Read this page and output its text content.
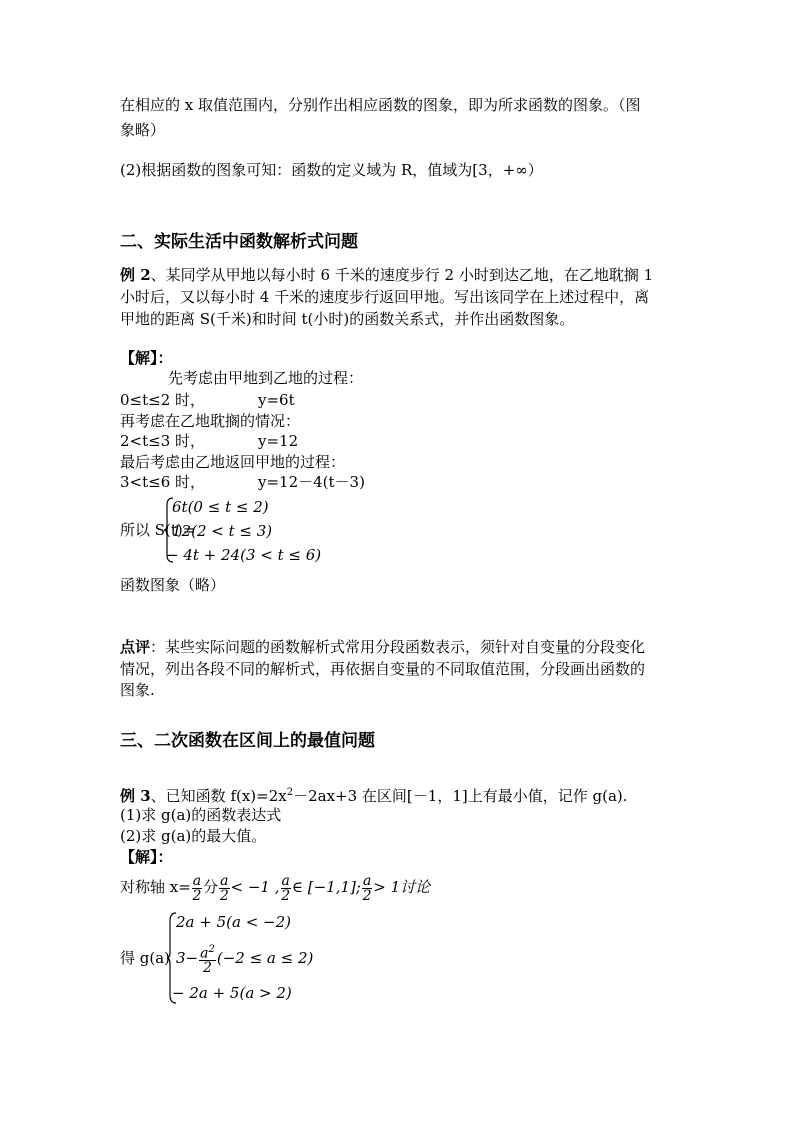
在相应的 x 取值范围内，分别作出相应函数的图象，即为所求函数的图象。（图
象略）
(2)根据函数的图象可知：函数的定义域为 R，值域为[3，+∞）
二、实际生活中函数解析式问题
例 2、某同学从甲地以每小时 6 千米的速度步行 2 小时到达乙地，在乙地耽搁 1
小时后，又以每小时 4 千米的速度步行返回甲地。写出该同学在上述过程中，离
甲地的距离 S(千米)和时间 t(小时)的函数关系式，并作出函数图象。
【解】：
先考虑由甲地到乙地的过程：
0≤t≤2 时，	y=6t
再考虑在乙地耽搁的情况：
2<t≤3 时，	y=12
最后考虑由乙地返回甲地的过程：
3<t≤6 时，	y=12－4(t－3)
所以 S(t)=
6t(0 ≤ t ≤ 2)
12(2 < t ≤ 3)
− 4t + 24(3 < t ≤ 6)
函数图象（略）
点评：某些实际问题的函数解析式常用分段函数表示，须针对自变量的分段变化
情况，列出各段不同的解析式，再依据自变量的不同取值范围，分段画出函数的
图象.
三、二次函数在区间上的最值问题
例 3、已知函数 $f(x)=2x^2-2ax+3$ 在区间[－1，1]上有最小值，记作 g(a).
(1)求 g(a)的函数表达式
(2)求 g(a)的最大值。
【解】：
对称轴 $x= \frac{a}{2}$ 分 $\frac{a}{2} < -1$ , $\frac{a}{2}$ ∈ [−1,1]; $\frac{a}{2} > 1$讨论
得 g(a)
2a + 5(a < −2)
$3- \frac{a^2}{2} (-2 \le a \le 2)$
− 2a + 5(a > 2)
